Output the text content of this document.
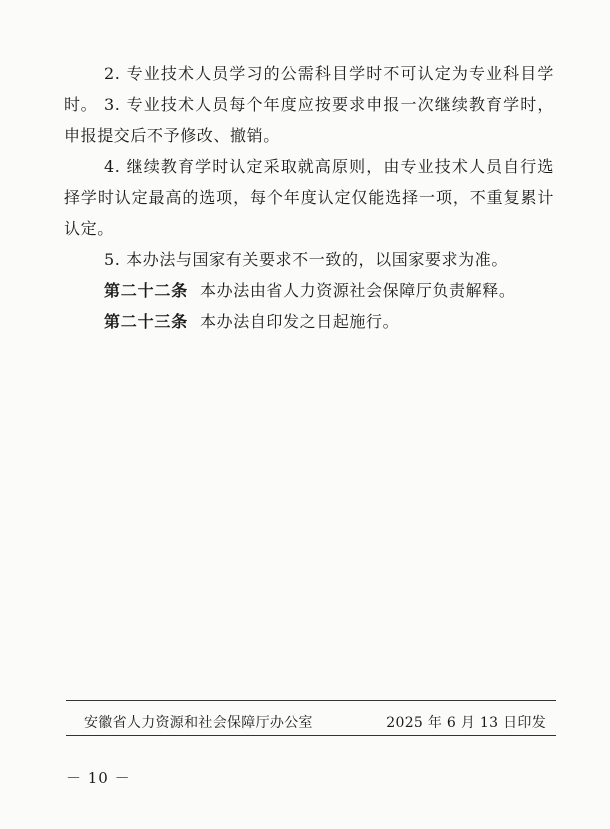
2. 专业技术人员学习的公需科目学时不可认定为专业科目学时。 3. 专业技术人员每个年度应按要求申报一次继续教育学时，申报提交后不予修改、撤销。

4. 继续教育学时认定采取就高原则，由专业技术人员自行选择学时认定最高的选项，每个年度认定仅能选择一项，不重复累计认定。

5. 本办法与国家有关要求不一致的，以国家要求为准。

第二十二条 本办法由省人力资源社会保障厅负责解释。

第二十三条 本办法自印发之日起施行。

安徽省人力资源和社会保障厅办公室	2025 年 6 月 13 日印发
－ 10 －
